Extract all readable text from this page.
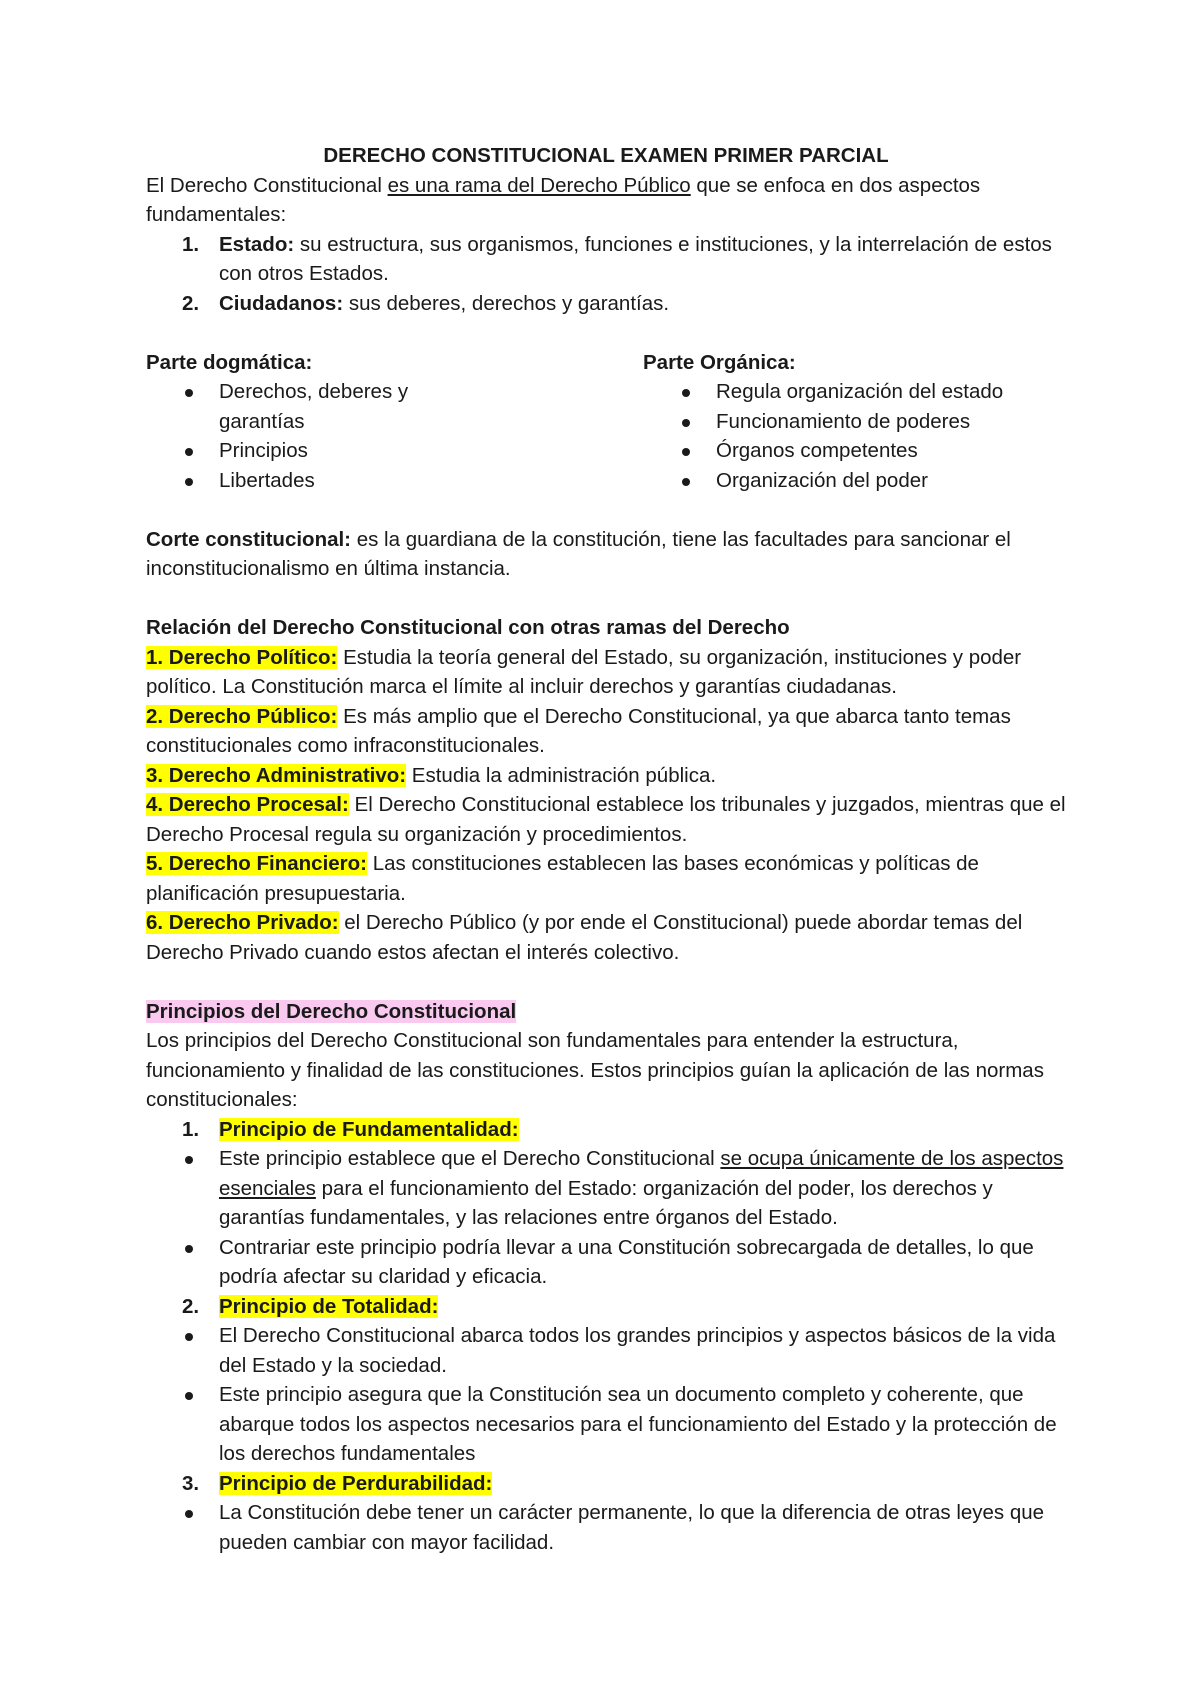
DERECHO CONSTITUCIONAL EXAMEN PRIMER PARCIAL

El Derecho Constitucional es una rama del Derecho Público que se enfoca en dos aspectos fundamentales:

1. Estado: su estructura, sus organismos, funciones e instituciones, y la interrelación de estos con otros Estados.
2. Ciudadanos: sus deberes, derechos y garantías.
Parte dogmática:
Derechos, deberes y garantías
Principios
Libertades
Parte Orgánica:
Regula organización del estado
Funcionamiento de poderes
Órganos competentes
Organización del poder

Corte constitucional: es la guardiana de la constitución, tiene las facultades para sancionar el inconstitucionalismo en última instancia.

Relación del Derecho Constitucional con otras ramas del Derecho

1. Derecho Político: Estudia la teoría general del Estado, su organización, instituciones y poder político. La Constitución marca el límite al incluir derechos y garantías ciudadanas.

2. Derecho Público: Es más amplio que el Derecho Constitucional, ya que abarca tanto temas constitucionales como infraconstitucionales.

3. Derecho Administrativo: Estudia la administración pública.

4. Derecho Procesal: El Derecho Constitucional establece los tribunales y juzgados, mientras que el Derecho Procesal regula su organización y procedimientos.

5. Derecho Financiero: Las constituciones establecen las bases económicas y políticas de planificación presupuestaria.

6. Derecho Privado: el Derecho Público (y por ende el Constitucional) puede abordar temas del Derecho Privado cuando estos afectan el interés colectivo.

Principios del Derecho Constitucional

Los principios del Derecho Constitucional son fundamentales para entender la estructura, funcionamiento y finalidad de las constituciones. Estos principios guían la aplicación de las normas constitucionales:

1. Principio de Fundamentalidad:
Este principio establece que el Derecho Constitucional se ocupa únicamente de los aspectos esenciales para el funcionamiento del Estado: organización del poder, los derechos y garantías fundamentales, y las relaciones entre órganos del Estado.
Contrariar este principio podría llevar a una Constitución sobrecargada de detalles, lo que podría afectar su claridad y eficacia.
2. Principio de Totalidad:
El Derecho Constitucional abarca todos los grandes principios y aspectos básicos de la vida del Estado y la sociedad.
Este principio asegura que la Constitución sea un documento completo y coherente, que abarque todos los aspectos necesarios para el funcionamiento del Estado y la protección de los derechos fundamentales
3. Principio de Perdurabilidad:
La Constitución debe tener un carácter permanente, lo que la diferencia de otras leyes que pueden cambiar con mayor facilidad.
